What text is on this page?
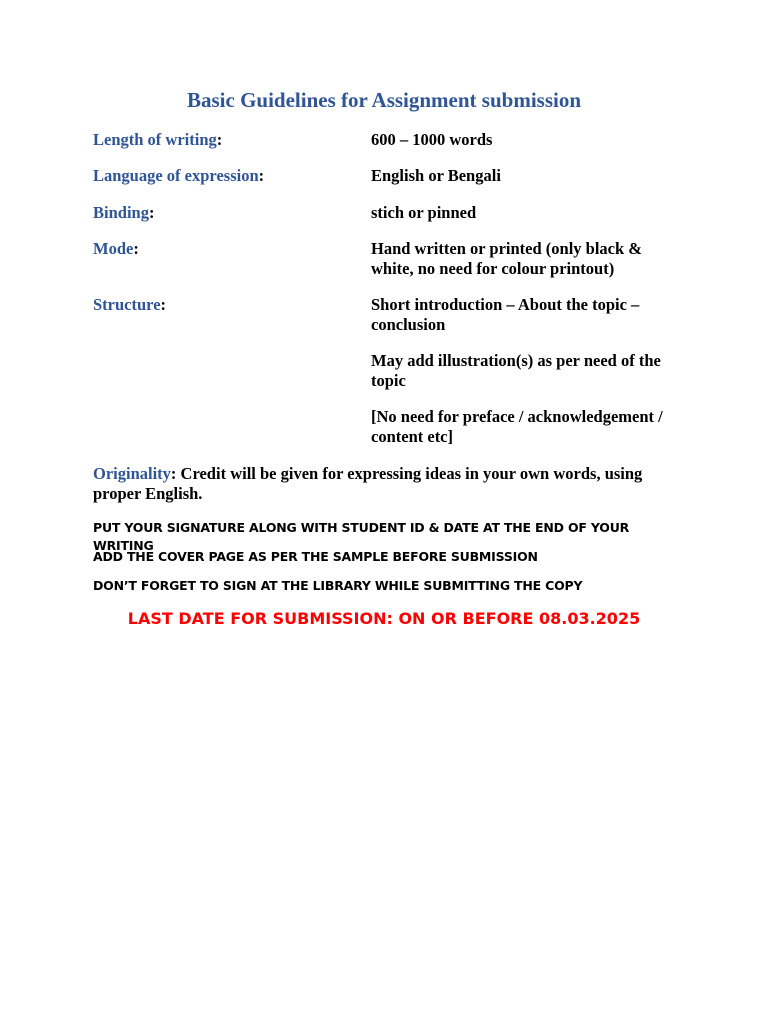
Basic Guidelines for Assignment submission
Length of writing:	600 – 1000 words
Language of expression:	English or Bengali
Binding:	stich or pinned
Mode:	Hand written or printed (only black & white, no need for colour printout)
Structure:	Short introduction – About the topic – conclusion
May add illustration(s) as per need of the topic
[No need for preface / acknowledgement / content etc]
Originality: Credit will be given for expressing ideas in your own words, using proper English.
PUT YOUR SIGNATURE ALONG WITH STUDENT ID & DATE AT THE END OF YOUR WRITING
ADD THE COVER PAGE AS PER THE SAMPLE BEFORE SUBMISSION
DON’T FORGET TO SIGN AT THE LIBRARY WHILE SUBMITTING THE COPY
LAST DATE FOR SUBMISSION: ON OR BEFORE 08.03.2025
